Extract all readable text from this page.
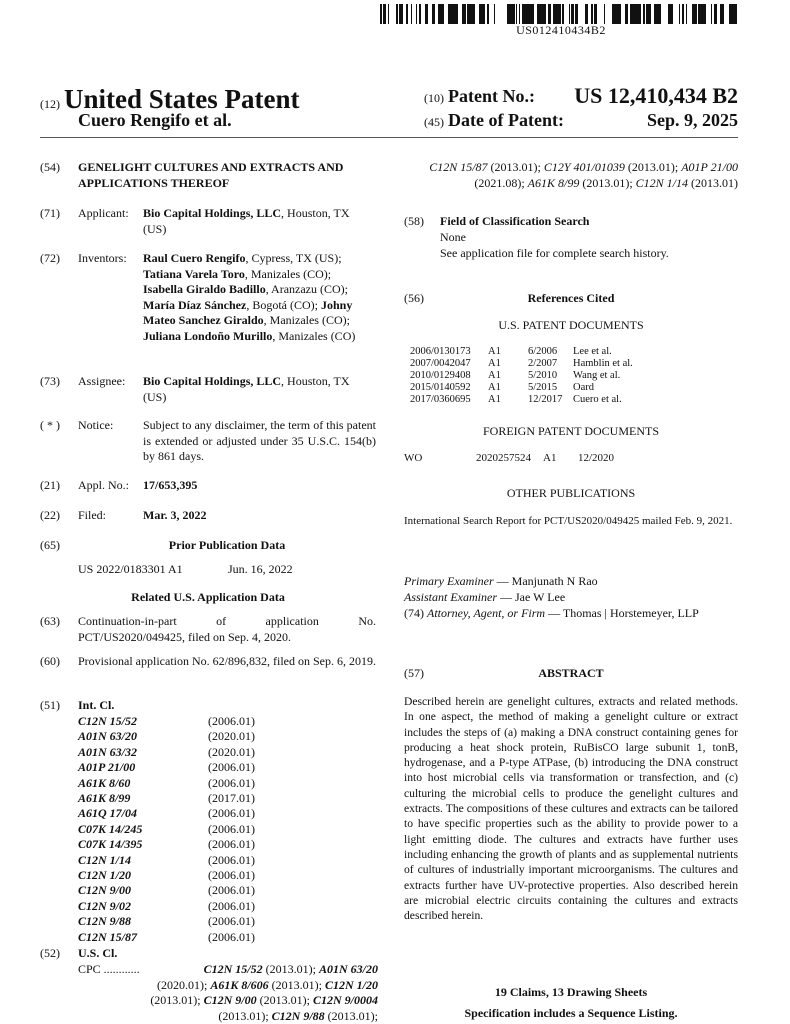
US012410434B2
(12) United States Patent
Cuero Rengifo et al.
(10) Patent No.: US 12,410,434 B2
(45) Date of Patent:	Sep. 9, 2025
(54) GENELIGHT CULTURES AND EXTRACTS AND APPLICATIONS THEREOF
(71) Applicant: Bio Capital Holdings, LLC, Houston, TX (US)
(72) Inventors: Raul Cuero Rengifo, Cypress, TX (US); Tatiana Varela Toro, Manizales (CO); Isabella Giraldo Badillo, Aranzazu (CO); María Díaz Sánchez, Bogotá (CO); Johny Mateo Sanchez Giraldo, Manizales (CO); Juliana Londoño Murillo, Manizales (CO)
(73) Assignee: Bio Capital Holdings, LLC, Houston, TX (US)
( * ) Notice: Subject to any disclaimer, the term of this patent is extended or adjusted under 35 U.S.C. 154(b) by 861 days.
(21) Appl. No.: 17/653,395
(22) Filed:	Mar. 3, 2022
(65)	Prior Publication Data
US 2022/0183301 A1	Jun. 16, 2022
Related U.S. Application Data
(63) Continuation-in-part of application No. PCT/US2020/049425, filed on Sep. 4, 2020.
(60) Provisional application No. 62/896,832, filed on Sep. 6, 2019.
(51) Int. Cl.
C12N 15/52	(2006.01)
A01N 63/20	(2020.01)
A01N 63/32	(2020.01)
A01P 21/00	(2006.01)
A61K 8/60	(2006.01)
A61K 8/99	(2017.01)
A61Q 17/04	(2006.01)
C07K 14/245	(2006.01)
C07K 14/395	(2006.01)
C12N 1/14	(2006.01)
C12N 1/20	(2006.01)
C12N 9/00	(2006.01)
C12N 9/02	(2006.01)
C12N 9/88	(2006.01)
C12N 15/87	(2006.01)
(52) U.S. Cl.
CPC ............	C12N 15/52 (2013.01); A01N 63/20 (2020.01); A61K 8/606 (2013.01); C12N 1/20 (2013.01); C12N 9/00 (2013.01); C12N 9/0004 (2013.01); C12N 9/88 (2013.01);
C12N 15/87 (2013.01); C12Y 401/01039 (2013.01); A01P 21/00 (2021.08); A61K 8/99 (2013.01); C12N 1/14 (2013.01)
(58) Field of Classification Search
None
See application file for complete search history.
(56)	References Cited
U.S. PATENT DOCUMENTS
2006/0130173 A1	6/2006 Lee et al.
2007/0042047 A1	2/2007 Hamblin et al.
2010/0129408 A1	5/2010 Wang et al.
2015/0140592 A1	5/2015 Oard
2017/0360695 A1	12/2017 Cuero et al.
FOREIGN PATENT DOCUMENTS
WO	2020257524 A1 12/2020
OTHER PUBLICATIONS
International Search Report for PCT/US2020/049425 mailed Feb. 9, 2021.
Primary Examiner — Manjunath N Rao
Assistant Examiner — Jae W Lee
(74) Attorney, Agent, or Firm — Thomas | Horstemeyer, LLP
(57)	ABSTRACT
Described herein are genelight cultures, extracts and related methods. In one aspect, the method of making a genelight culture or extract includes the steps of (a) making a DNA construct containing genes for producing a heat shock protein, RuBisCO large subunit 1, tonB, hydrogenase, and a P-type ATPase, (b) introducing the DNA construct into host microbial cells via transformation or transfection, and (c) culturing the microbial cells to produce the genelight cultures and extracts. The compositions of these cultures and extracts can be tailored to have specific properties such as the ability to provide power to a light emitting diode. The cultures and extracts have further uses including enhancing the growth of plants and as supplemental nutrients of cultures of industrially important microorganisms. The cultures and extracts further have UV-protective properties. Also described herein are microbial electric circuits containing the cultures and extracts described herein.
19 Claims, 13 Drawing Sheets
Specification includes a Sequence Listing.
